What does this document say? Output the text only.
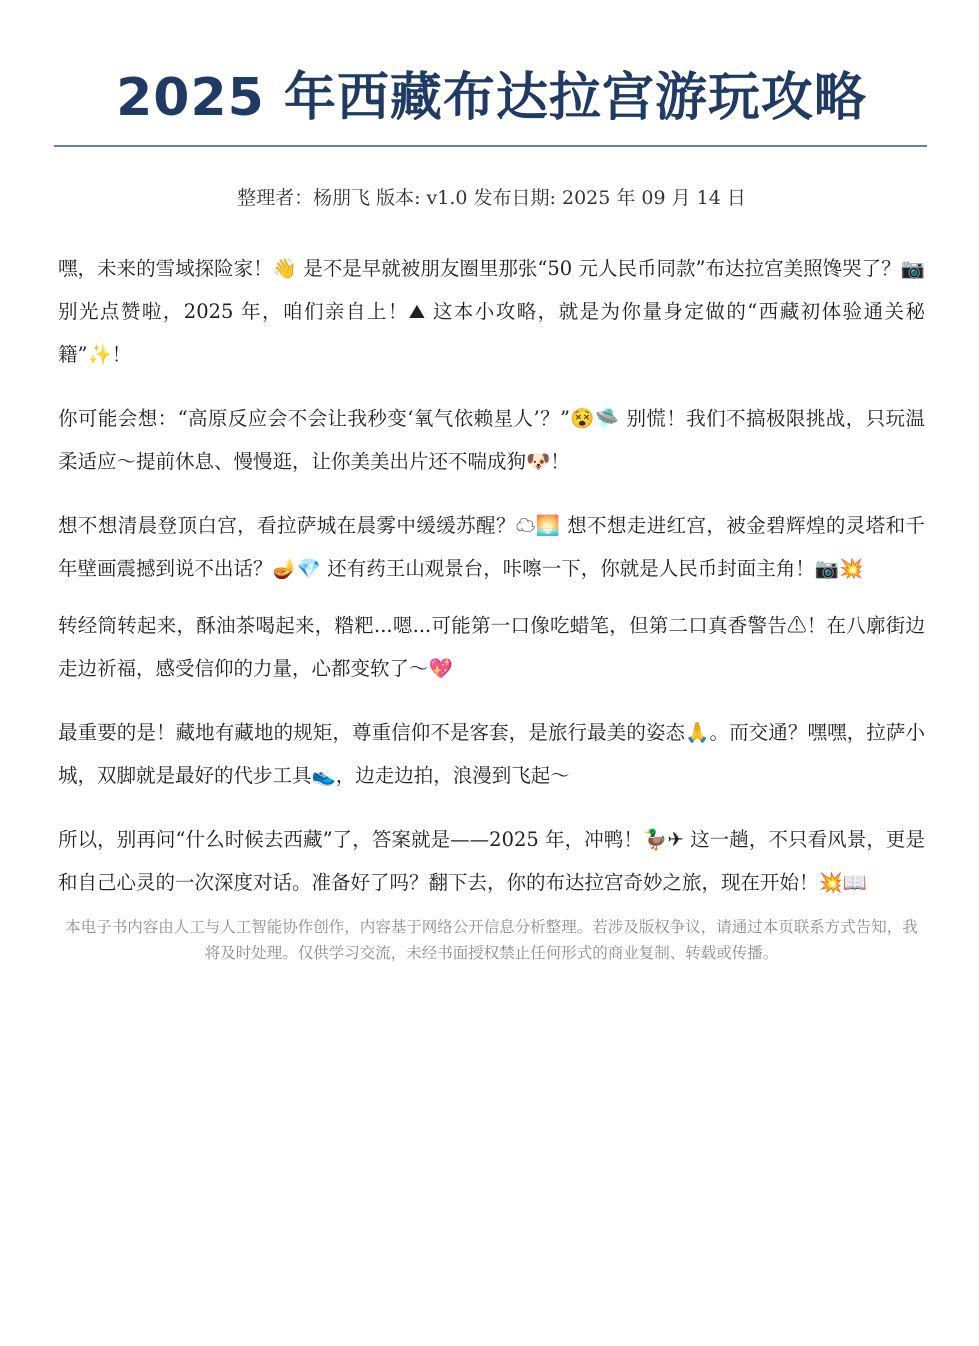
2025 年西藏布达拉宫游玩攻略
整理者：杨朋飞 版本: v1.0 发布日期: 2025 年 09 月 14 日

嘿，未来的雪域探险家！👋 是不是早就被朋友圈里那张“50 元人民币同款”布达拉宫美照馋哭了？📷 别光点赞啦，2025 年，咱们亲自上！⛰ 这本小攻略，就是为你量身定做的“西藏初体验通关秘籍”✨！

你可能会想：“高原反应会不会让我秒变‘氧气依赖星人’？”😵🛸 别慌！我们不搞极限挑战，只玩温柔适应～提前休息、慢慢逛，让你美美出片还不喘成狗🐶！

想不想清晨登顶白宫，看拉萨城在晨雾中缓缓苏醒？☁🌅 想不想走进红宫，被金碧辉煌的灵塔和千年壁画震撼到说不出话？🪔💎 还有药王山观景台，咔嚓一下，你就是人民币封面主角！📷💥

转经筒转起来，酥油茶喝起来，糌粑...嗯...可能第一口像吃蜡笔，但第二口真香警告⚠！在八廓街边走边祈福，感受信仰的力量，心都变软了～💖

最重要的是！藏地有藏地的规矩，尊重信仰不是客套，是旅行最美的姿态🙏。而交通？嘿嘿，拉萨小城，双脚就是最好的代步工具👟，边走边拍，浪漫到飞起～

所以，别再问“什么时候去西藏”了，答案就是——2025 年，冲鸭！🦆✈ 这一趟，不只看风景，更是和自己心灵的一次深度对话。准备好了吗？翻下去，你的布达拉宫奇妙之旅，现在开始！💥📖

本电子书内容由人工与人工智能协作创作，内容基于网络公开信息分析整理。若涉及版权争议，请通过本页联系方式告知，我将及时处理。仅供学习交流，未经书面授权禁止任何形式的商业复制、转载或传播。
